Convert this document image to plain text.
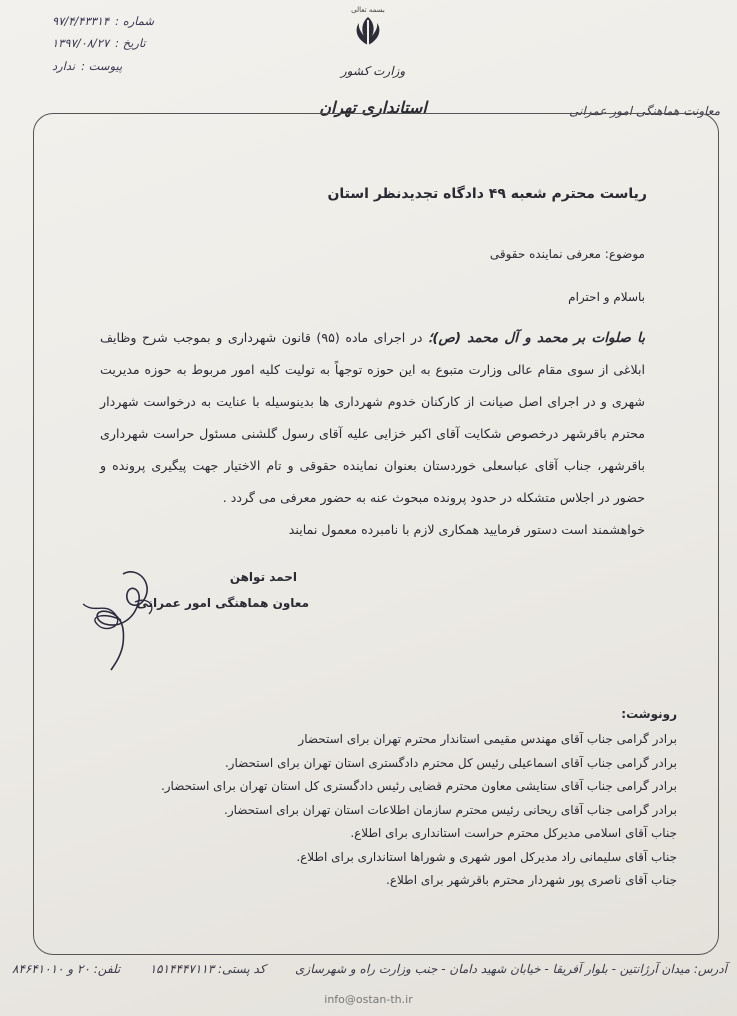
شماره :
۹۷/۴/۴۳۳۱۴
تاریخ :
۱۳۹۷/۰۸/۲۷
پیوست :
ندارد
بسمه تعالی
وزارت کشور
استانداری تهران	معاونت هماهنگی امور عمرانی
ریاست محترم شعبه ۴۹ دادگاه تجدیدنظر استان
موضوع: معرفی نماینده حقوقی
باسلام و احترام
با صلوات بر محمد و آل محمد (ص)؛ در اجرای ماده (۹۵) قانون شهرداری و بموجب شرح وظایف ابلاغی از سوی مقام عالی وزارت متبوع به این حوزه توجهاً به تولیت کلیه امور مربوط به حوزه مدیریت شهری و در اجرای اصل صیانت از کارکنان خدوم شهرداری ها بدینوسیله با عنایت به درخواست شهردار محترم باقرشهر درخصوص شکایت آقای اکبر خزایی علیه آقای رسول گلشنی مسئول حراست شهرداری باقرشهر، جناب آقای عباسعلی خوردستان بعنوان نماینده حقوقی و تام الاختیار جهت پیگیری پرونده و حضور در اجلاس متشکله در حدود پرونده مبحوث عنه به حضور معرفی می گردد .
خواهشمند است دستور فرمایید همکاری لازم با نامبرده معمول نمایند
احمد تواهن
معاون هماهنگی امور عمرانی
رونوشت:
برادر گرامی جناب آقای مهندس مقیمی استاندار محترم تهران برای استحضار
برادر گرامی جناب آقای اسماعیلی رئیس کل محترم دادگستری استان تهران برای استحضار.
برادر گرامی جناب آقای ستایشی معاون محترم قضایی رئیس دادگستری کل استان تهران برای استحضار.
برادر گرامی جناب آقای ریحانی رئیس محترم سازمان اطلاعات استان تهران برای استحضار.
جناب آقای اسلامی مدیرکل محترم حراست استانداری برای اطلاع.
جناب آقای سلیمانی راد مدیرکل امور شهری و شوراها استانداری برای اطلاع.
جناب آقای ناصری پور شهردار محترم باقرشهر برای اطلاع.
آدرس: میدان آرژانتین - بلوار آفریقا - خیابان شهید دامان - جنب وزارت راه و شهرسازی
کد پستی: ۱۵۱۴۴۴۷۱۱۳
تلفن: ۲۰ و ۸۴۶۴۱۰۱۰
info@ostan-th.ir
